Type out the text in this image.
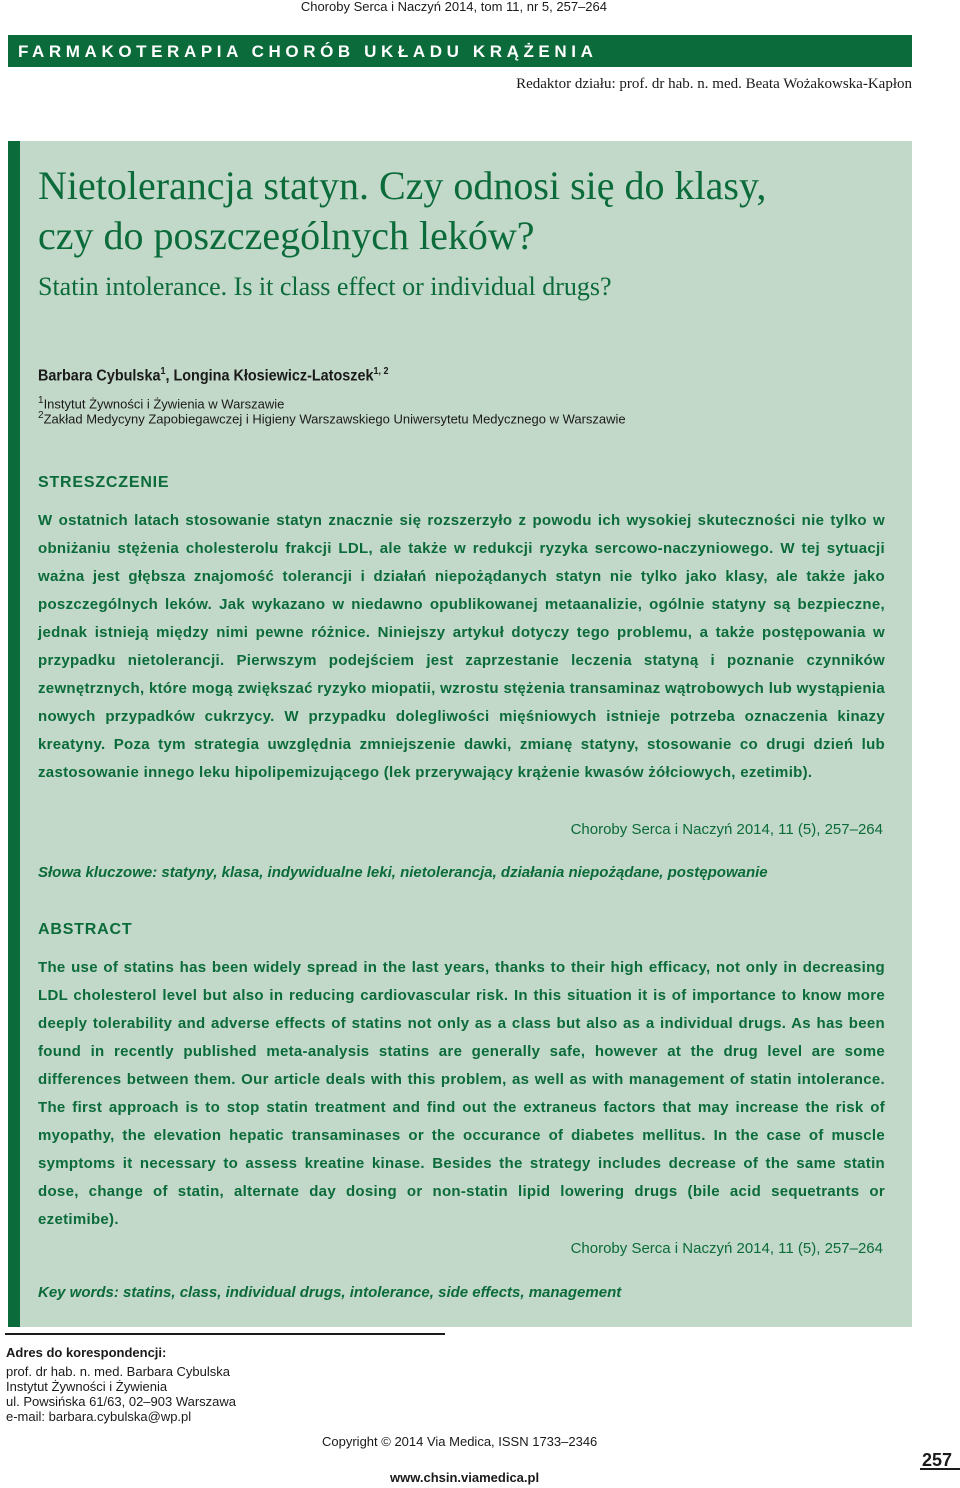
Choroby Serca i Naczyń 2014, tom 11, nr 5, 257–264
FARMAKOTERAPIA CHORÓB UKŁADU KRĄŻENIA
Redaktor działu: prof. dr hab. n. med. Beata Wożakowska-Kapłon
Nietolerancja statyn. Czy odnosi się do klasy,
czy do poszczególnych leków?
Statin intolerance. Is it class effect or individual drugs?
Barbara Cybulska$^1$, Longina Kłosiewicz-Latoszek$^{1, 2}$
$^1$Instytut Żywności i Żywienia w Warszawie
$^2$Zakład Medycyny Zapobiegawczej i Higieny Warszawskiego Uniwersytetu Medycznego w Warszawie
STRESZCZENIE
W ostatnich latach stosowanie statyn znacznie się rozszerzyło z powodu ich wysokiej skuteczności nie tylko w obniżaniu stężenia cholesterolu frakcji LDL, ale także w redukcji ryzyka sercowo-naczyniowego. W tej sytuacji ważna jest głębsza znajomość tolerancji i działań niepożądanych statyn nie tylko jako klasy, ale także jako poszczególnych leków. Jak wykazano w niedawno opublikowanej metaanalizie, ogólnie statyny są bezpieczne, jednak istnieją między nimi pewne różnice. Niniejszy artykuł dotyczy tego problemu, a także postępowania w przypadku nietolerancji. Pierwszym podejściem jest zaprzestanie leczenia statyną i poznanie czynników zewnętrznych, które mogą zwiększać ryzyko miopatii, wzrostu stężenia transaminaz wątrobowych lub wystąpienia nowych przypadków cukrzycy. W przypadku dolegliwości mięśniowych istnieje potrzeba oznaczenia kinazy kreatyny. Poza tym strategia uwzględnia zmniejszenie dawki, zmianę statyny, stosowanie co drugi dzień lub zastosowanie innego leku hipolipemizującego (lek przerywający krążenie kwasów żółciowych, ezetimib).
Choroby Serca i Naczyń 2014, 11 (5), 257–264
Słowa kluczowe: statyny, klasa, indywidualne leki, nietolerancja, działania niepożądane, postępowanie
ABSTRACT
The use of statins has been widely spread in the last years, thanks to their high efficacy, not only in decreasing LDL cholesterol level but also in reducing cardiovascular risk. In this situation it is of importance to know more deeply tolerability and adverse effects of statins not only as a class but also as a individual drugs. As has been found in recently published meta-analysis statins are generally safe, however at the drug level are some differences between them. Our article deals with this problem, as well as with management of statin intolerance. The first approach is to stop statin treatment and find out the extraneus factors that may increase the risk of myopathy, the elevation hepatic transaminases or the occurance of diabetes mellitus. In the case of muscle symptoms it necessary to assess kreatine kinase. Besides the strategy includes decrease of the same statin dose, change of statin, alternate day dosing or non-statin lipid lowering drugs (bile acid sequetrants or ezetimibe).
Choroby Serca i Naczyń 2014, 11 (5), 257–264
Key words: statins, class, individual drugs, intolerance, side effects, management
Adres do korespondencji:
prof. dr hab. n. med. Barbara Cybulska
Instytut Żywności i Żywienia
ul. Powsińska 61/63, 02–903 Warszawa
e-mail: barbara.cybulska@wp.pl
Copyright © 2014 Via Medica, ISSN 1733–2346
www.chsin.viamedica.pl
257
